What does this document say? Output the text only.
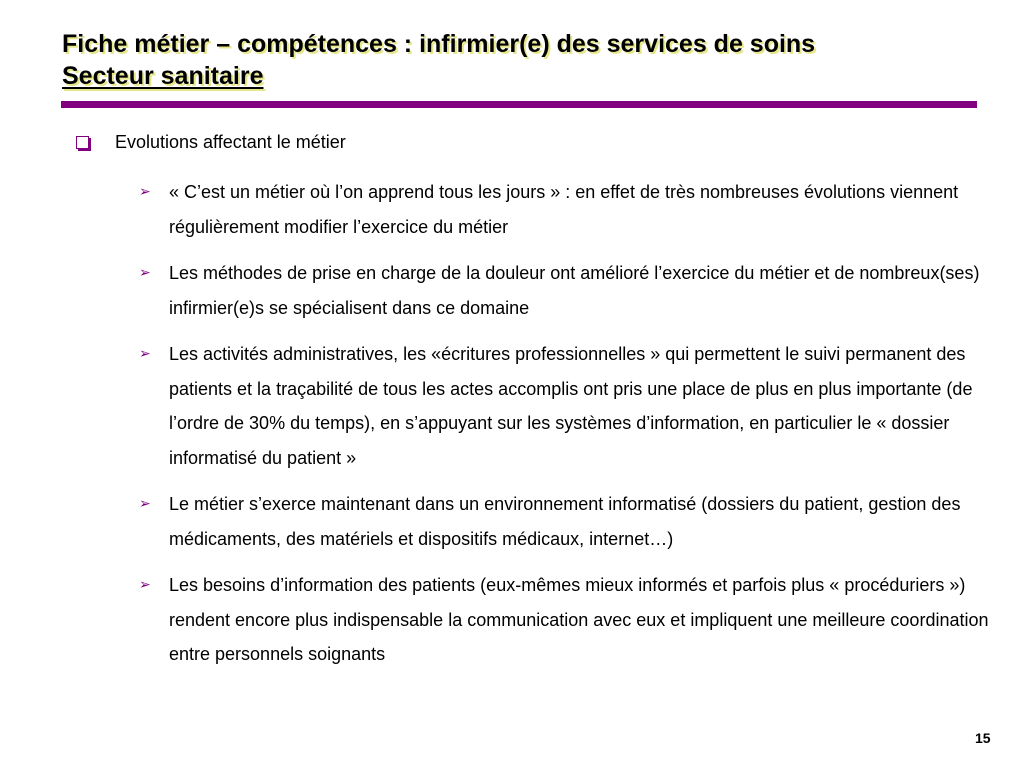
Fiche métier – compétences : infirmier(e) des services de soins
Secteur sanitaire
Evolutions affectant le métier
➢ « C’est un métier où l’on apprend tous les jours » : en effet de très nombreuses évolutions viennent régulièrement modifier l’exercice du métier
➢ Les méthodes de prise en charge de la douleur ont amélioré l’exercice du métier et de nombreux(ses) infirmier(e)s se spécialisent dans ce domaine
➢ Les activités administratives, les «écritures professionnelles » qui permettent le suivi permanent des patients et la traçabilité de tous les actes accomplis ont pris une place de plus en plus importante (de l’ordre de 30% du temps), en s’appuyant sur les systèmes d’information, en particulier le « dossier informatisé du patient »
➢ Le métier s’exerce maintenant dans un environnement informatisé (dossiers du patient, gestion des médicaments, des matériels et dispositifs médicaux, internet…)
➢ Les besoins d’information des patients (eux-mêmes mieux informés et parfois plus « procéduriers ») rendent encore plus indispensable la communication avec eux et impliquent une meilleure coordination entre personnels soignants
15
